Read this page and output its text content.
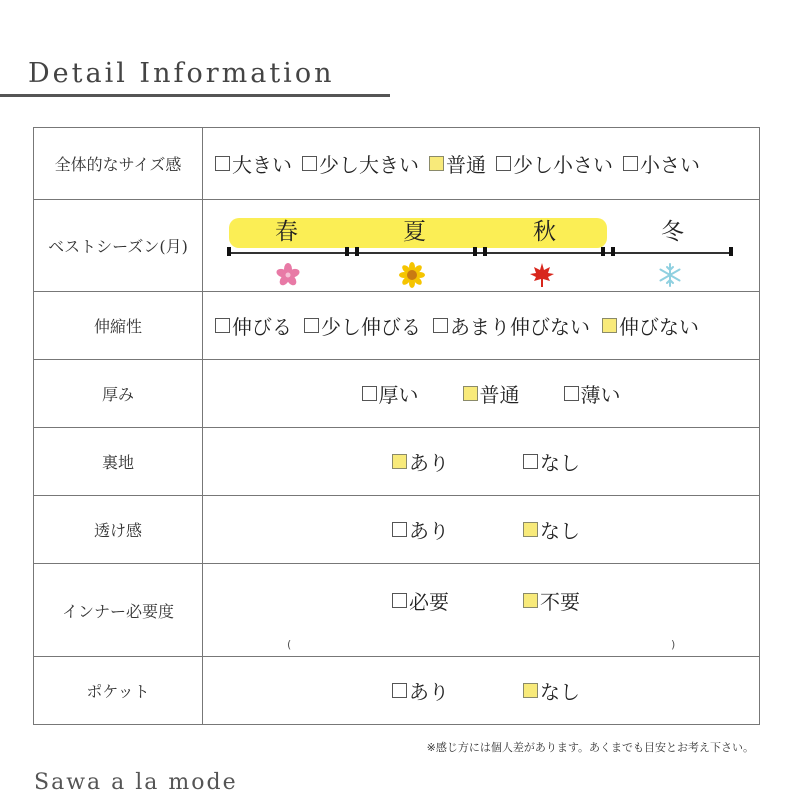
Detail Information
全体的なサイズ感	大きい 少し大きい 普通 少し小さい 小さい

ベストシーズン(月)	春 夏 秋 冬

伸縮性	伸びる 少し伸びる あまり伸びない 伸びない

厚み	厚い 普通 薄い

裏地	あり なし

透け感	あり なし

インナー必要度	必要 不要
( )

ポケット	あり なし
※感じ方には個人差があります。あくまでも目安とお考え下さい。
Sawa a la mode
